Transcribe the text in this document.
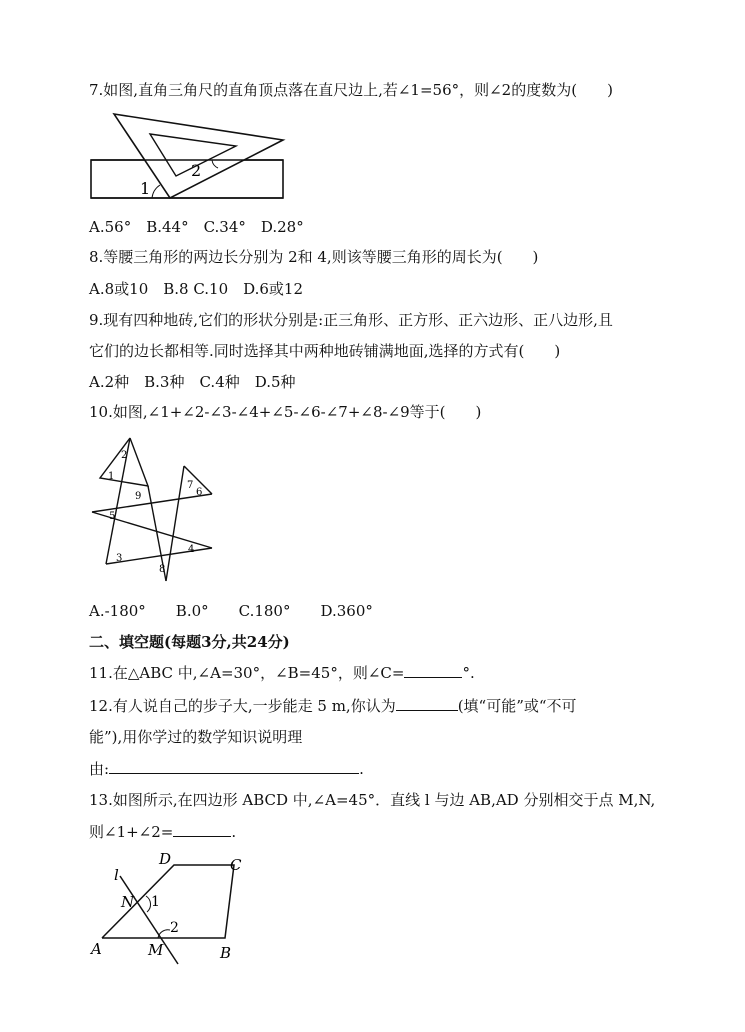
7.如图,直角三角尺的直角顶点落在直尺边上,若∠1=56°，则∠2的度数为(　　)
1
2
A.56°　B.44°　C.34°　D.28°
8.等腰三角形的两边长分别为 2和 4,则该等腰三角形的周长为(　　)
A.8或10　B.8 C.10　D.6或12
9.现有四种地砖,它们的形状分别是:正三角形、正方形、正六边形、正八边形,且
它们的边长都相等.同时选择其中两种地砖铺满地面,选择的方式有(　　)
A.2种　B.3种　C.4种　D.5种
10.如图,∠1+∠2-∠3-∠4+∠5-∠6-∠7+∠8-∠9等于(　　)
1
2
3
4
5
6
7
8
9
A.-180°　　B.0°　　C.180°　　D.360°
二、填空题(每题3分,共24分)
11.在△ABC 中,∠A=30°，∠B=45°，则∠C=	°.
12.有人说自己的步子大,一步能走 5 m,你认为	(填“可能”或“不可
能”),用你学过的数学知识说明理
由:	.
13.如图所示,在四边形 ABCD 中,∠A=45°．直线 l 与边 AB,AD 分别相交于点 M,N,
则∠1+∠2=	.
l
D	C
N 1
2
A	M	B
